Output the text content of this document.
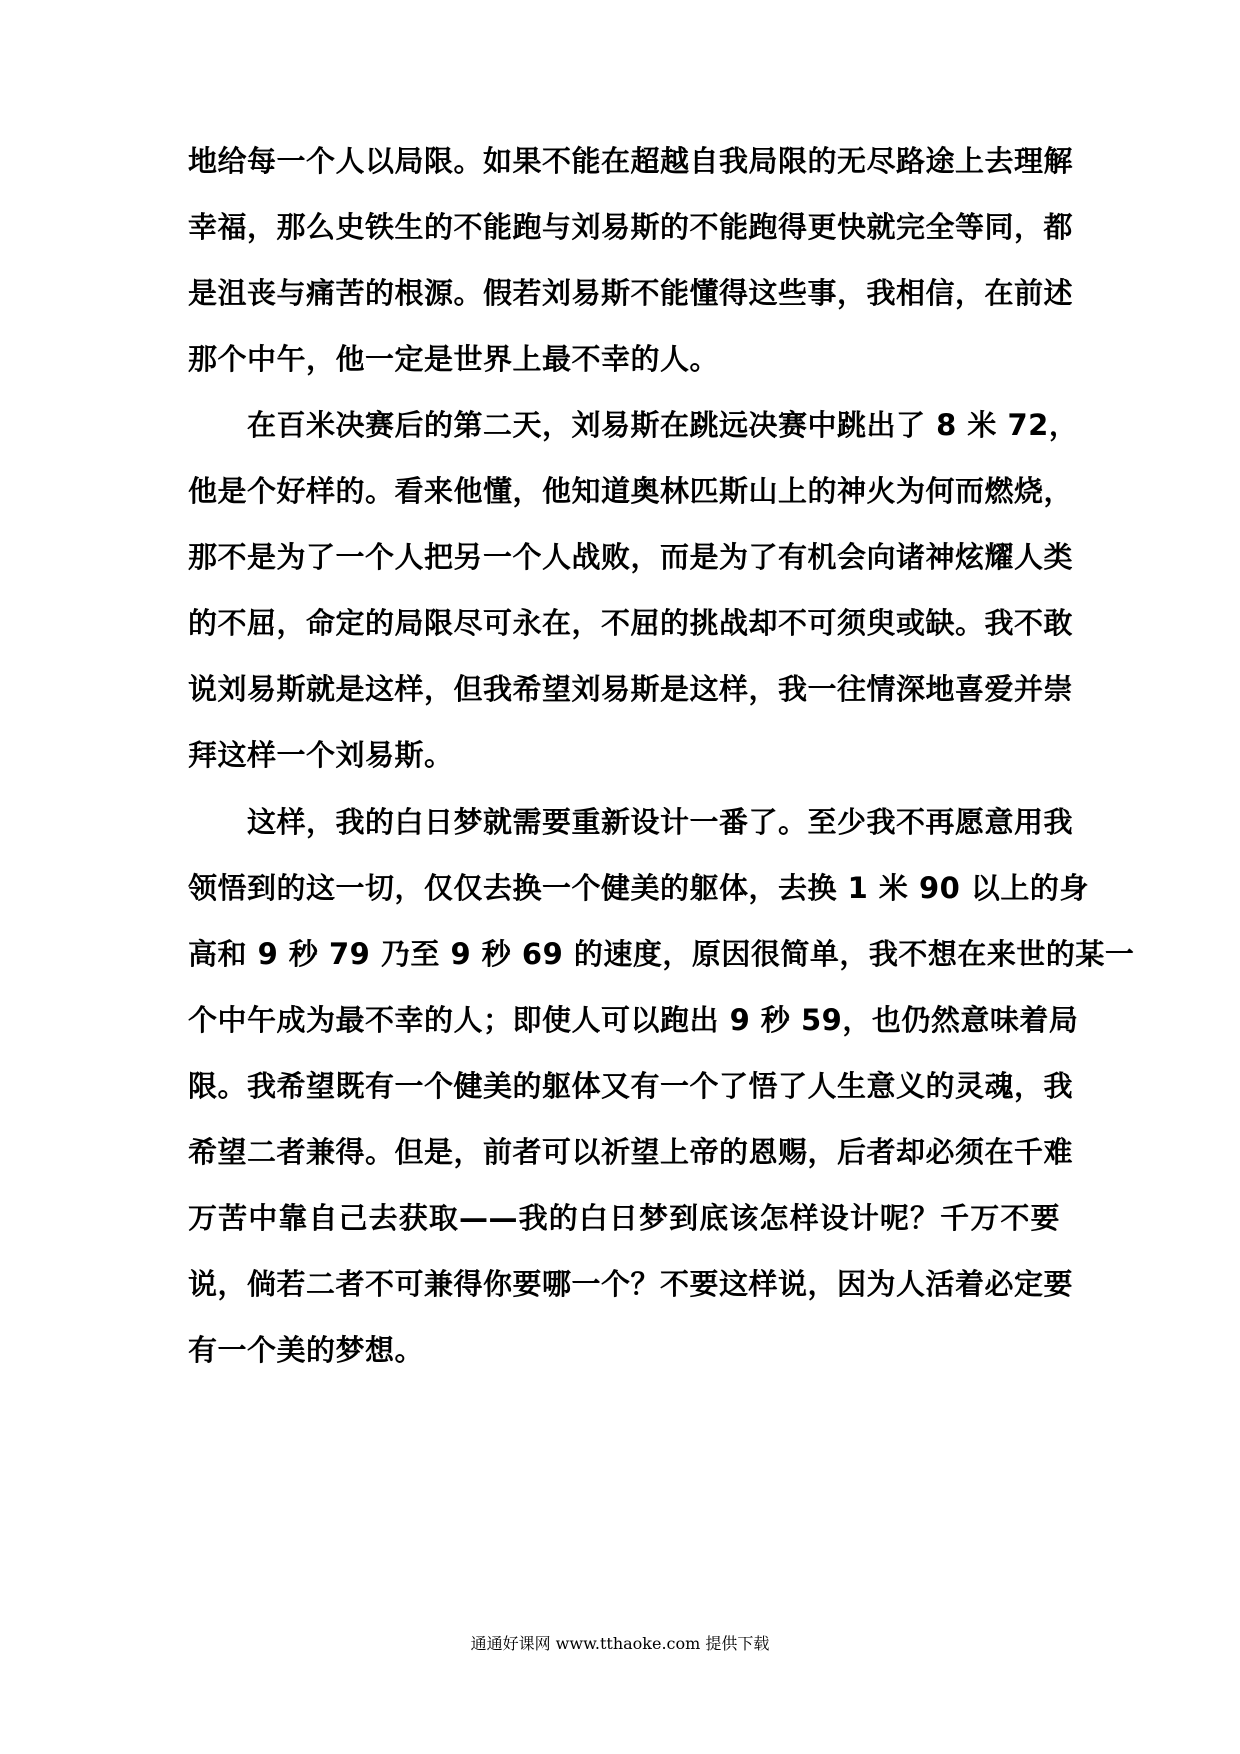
地给每一个人以局限。如果不能在超越自我局限的无尽路途上去理解
幸福，那么史铁生的不能跑与刘易斯的不能跑得更快就完全等同，都
是沮丧与痛苦的根源。假若刘易斯不能懂得这些事，我相信，在前述
那个中午，他一定是世界上最不幸的人。
　　在百米决赛后的第二天，刘易斯在跳远决赛中跳出了 8 米 72，
他是个好样的。看来他懂，他知道奥林匹斯山上的神火为何而燃烧，
那不是为了一个人把另一个人战败，而是为了有机会向诸神炫耀人类
的不屈，命定的局限尽可永在，不屈的挑战却不可须臾或缺。我不敢
说刘易斯就是这样，但我希望刘易斯是这样，我一往情深地喜爱并崇
拜这样一个刘易斯。
　　这样，我的白日梦就需要重新设计一番了。至少我不再愿意用我
领悟到的这一切，仅仅去换一个健美的躯体，去换 1 米 90 以上的身
高和 9 秒 79 乃至 9 秒 69 的速度，原因很简单，我不想在来世的某一
个中午成为最不幸的人；即使人可以跑出 9 秒 59，也仍然意味着局
限。我希望既有一个健美的躯体又有一个了悟了人生意义的灵魂，我
希望二者兼得。但是，前者可以祈望上帝的恩赐，后者却必须在千难
万苦中靠自己去获取——我的白日梦到底该怎样设计呢？千万不要
说，倘若二者不可兼得你要哪一个？不要这样说，因为人活着必定要
有一个美的梦想。
通通好课网 www.tthaoke.com 提供下载
